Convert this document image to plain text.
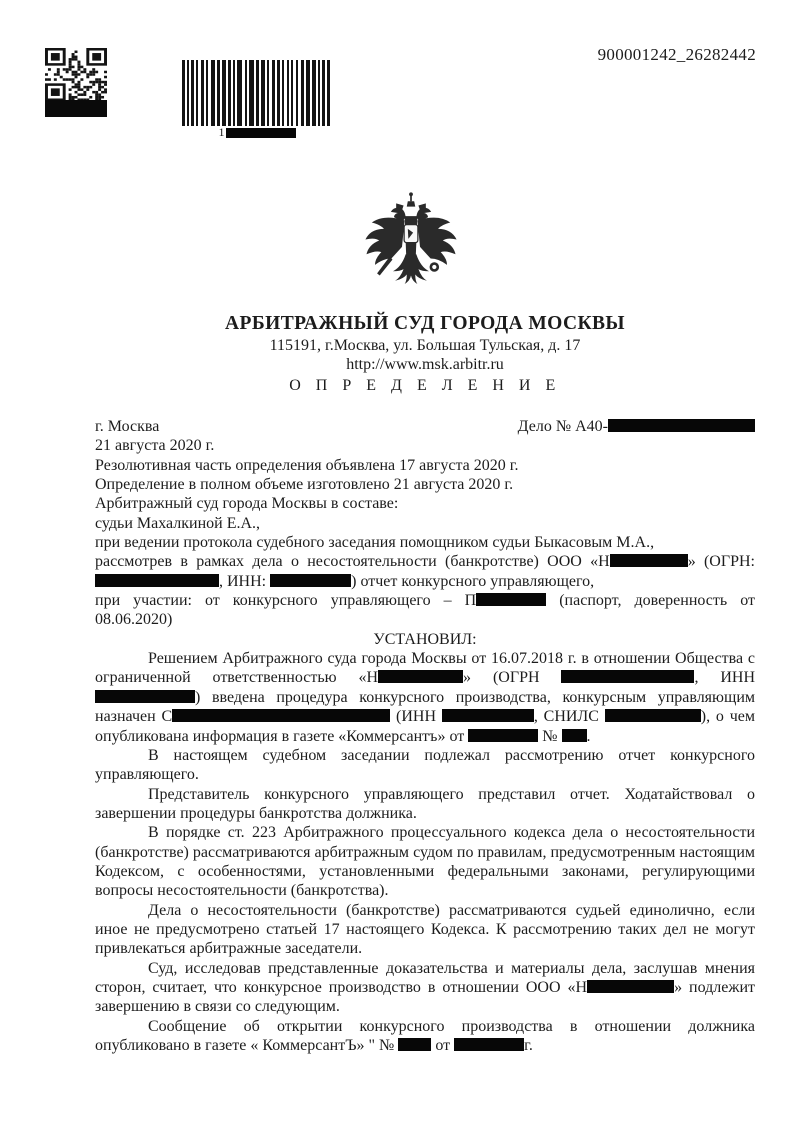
1
900001242_26282442
АРБИТРАЖНЫЙ СУД ГОРОДА МОСКВЫ
115191, г.Москва, ул. Большая Тульская, д. 17
http://www.msk.arbitr.ru
О П Р Е Д Е Л Е Н И Е
г. Москва	Дело № А40-

21 августа 2020 г.

Резолютивная часть определения объявлена 17 августа 2020 г.

Определение в полном объеме изготовлено 21 августа 2020 г.

Арбитражный суд города Москвы в составе:

судьи Махалкиной Е.А.,

при ведении протокола судебного заседания помощником судьи Быкасовым М.А.,

рассмотрев в рамках дела о несостоятельности (банкротстве) ООО «Н	» (ОГРН: , ИНН:	) отчет конкурсного управляющего,

при участии: от конкурсного управляющего – П	(паспорт, доверенность от 08.06.2020)

УСТАНОВИЛ:

Решением Арбитражного суда города Москвы от 16.07.2018 г. в отношении Общества с ограниченной ответственностью «Н	» (ОГРН	, ИНН ) введена процедура конкурсного производства, конкурсным управляющим назначен С	(ИНН	, СНИЛС	), о чем опубликована информация в газете «Коммерсантъ» от	№ .

В настоящем судебном заседании подлежал рассмотрению отчет конкурсного управляющего.

Представитель конкурсного управляющего представил отчет. Ходатайствовал о завершении процедуры банкротства должника.

В порядке ст. 223 Арбитражного процессуального кодекса дела о несостоятельности (банкротстве) рассматриваются арбитражным судом по правилам, предусмотренным настоящим Кодексом, с особенностями, установленными федеральными законами, регулирующими вопросы несостоятельности (банкротства).

Дела о несостоятельности (банкротстве) рассматриваются судьей единолично, если иное не предусмотрено статьей 17 настоящего Кодекса. К рассмотрению таких дел не могут привлекаться арбитражные заседатели.

Суд, исследовав представленные доказательства и материалы дела, заслушав мнения сторон, считает, что конкурсное производство в отношении ООО «Н	» подлежит завершению в связи со следующим.

Сообщение об открытии конкурсного производства в отношении должника опубликовано в газете « КоммерсантЪ» " №  от	г.
